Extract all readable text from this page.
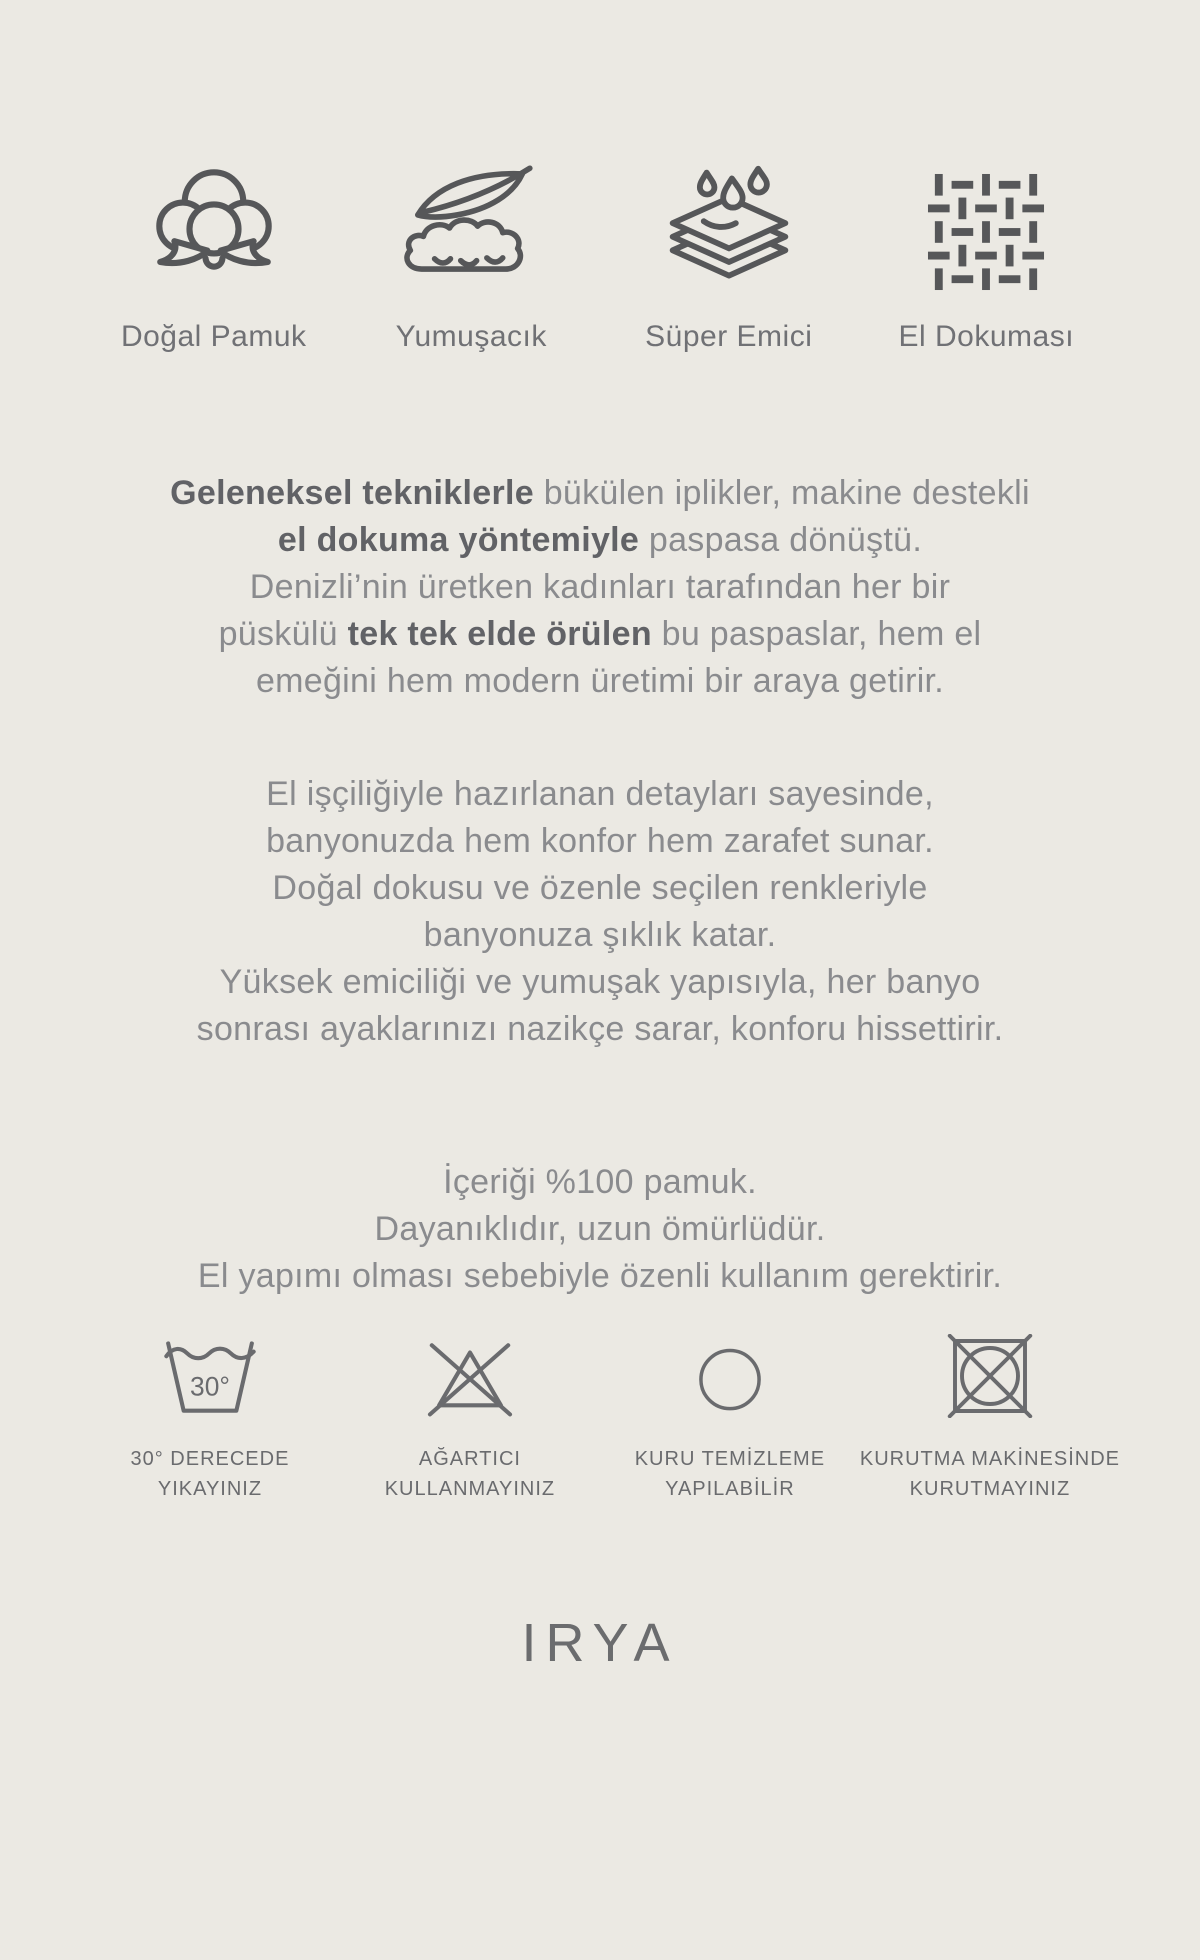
Doğal Pamuk	Yumuşacık	Süper Emici	El Dokuması

Geleneksel tekniklerle bükülen iplikler, makine destekli

el dokuma yöntemiyle paspasa dönüştü.

Denizli’nin üretken kadınları tarafından her bir

püskülü tek tek elde örülen bu paspaslar, hem el

emeğini hem modern üretimi bir araya getirir.

El işçiliğiyle hazırlanan detayları sayesinde,

banyonuzda hem konfor hem zarafet sunar.

Doğal dokusu ve özenle seçilen renkleriyle

banyonuza şıklık katar.

Yüksek emiciliği ve yumuşak yapısıyla, her banyo

sonrası ayaklarınızı nazikçe sarar, konforu hissettirir.

İçeriği %100 pamuk.

Dayanıklıdır, uzun ömürlüdür.

El yapımı olması sebebiyle özenli kullanım gerektirir.

30°
30° DERECEDE
YIKAYINIZ
AĞARTICI
KULLANMAYINIZ
KURU TEMİZLEME
YAPILABİLİR
KURUTMA MAKİNESİNDE
KURUTMAYINIZ
IRYA
